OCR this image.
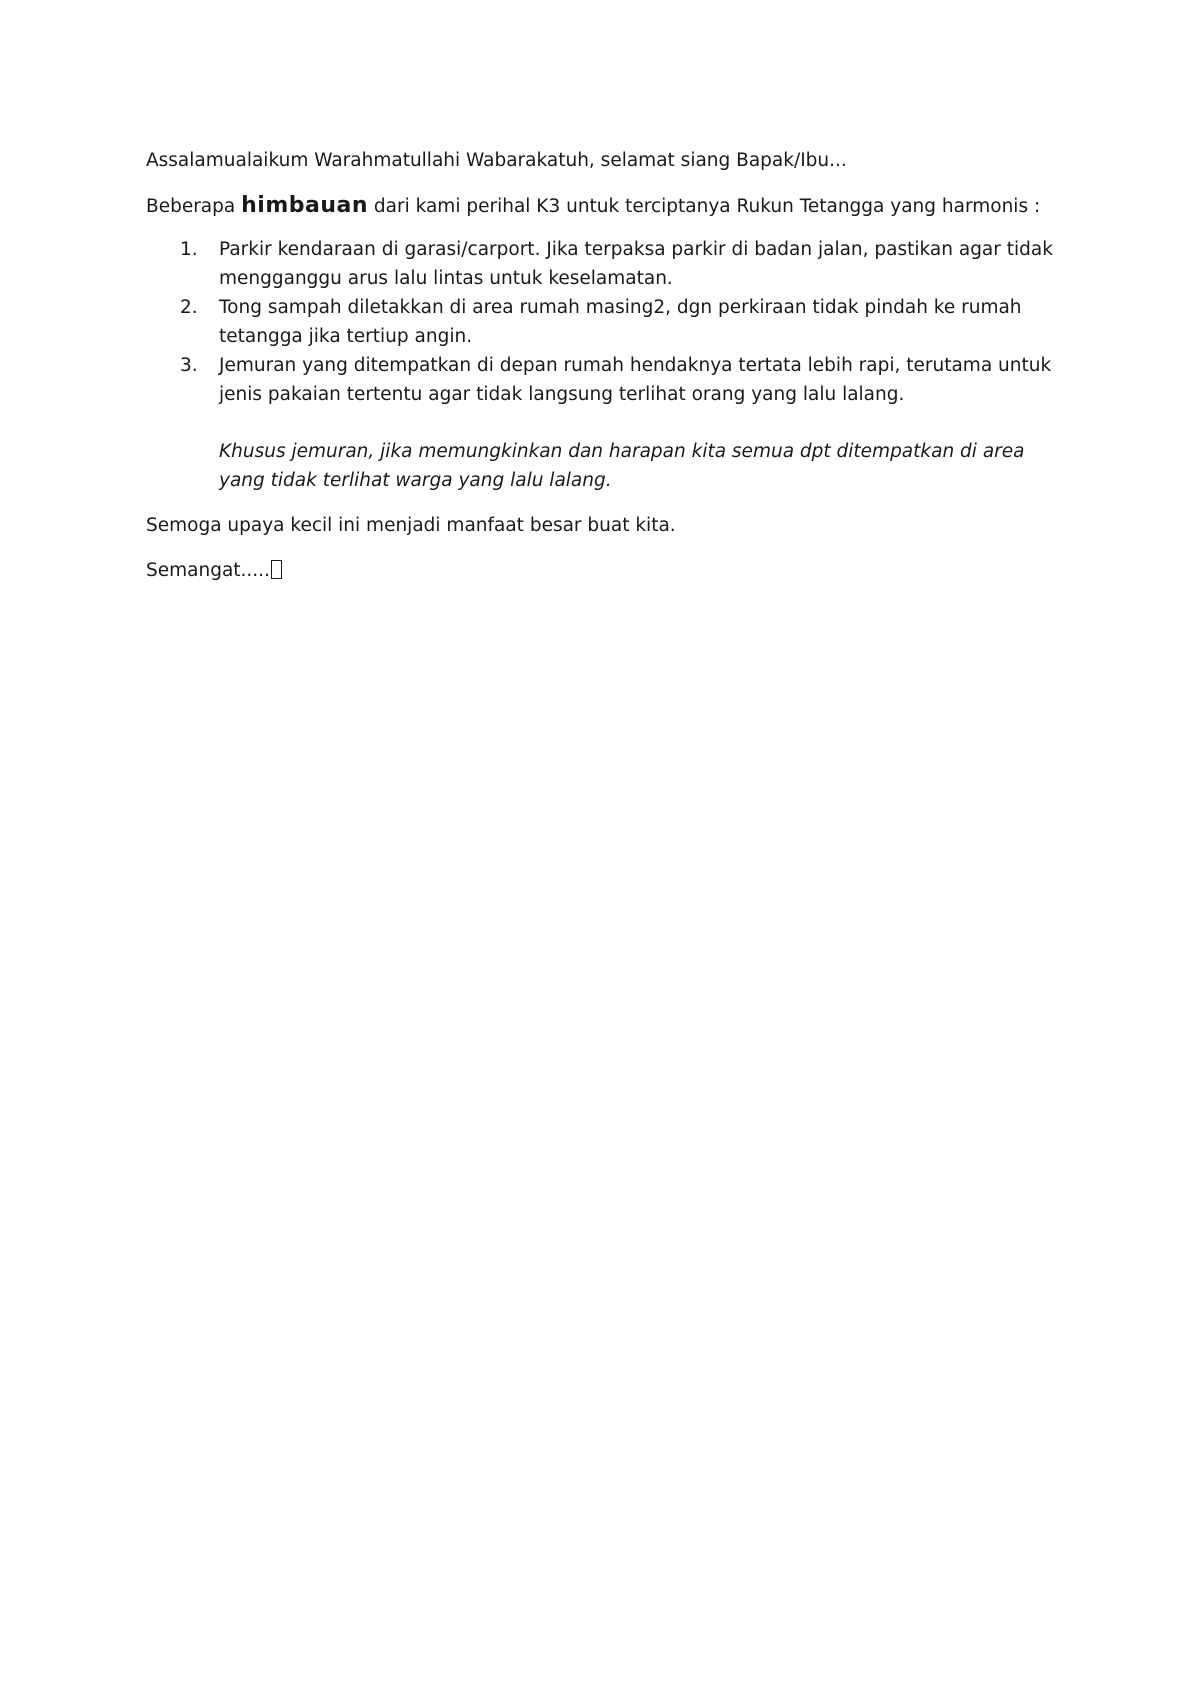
Assalamualaikum Warahmatullahi Wabarakatuh, selamat siang Bapak/Ibu...

Beberapa himbauan dari kami perihal K3 untuk terciptanya Rukun Tetangga yang harmonis :

1. Parkir kendaraan di garasi/carport. Jika terpaksa parkir di badan jalan, pastikan agar tidak mengganggu arus lalu lintas untuk keselamatan.
2. Tong sampah diletakkan di area rumah masing2, dgn perkiraan tidak pindah ke rumah tetangga jika tertiup angin.
3. Jemuran yang ditempatkan di depan rumah hendaknya tertata lebih rapi, terutama untuk jenis pakaian tertentu agar tidak langsung terlihat orang yang lalu lalang.

Khusus jemuran, jika memungkinkan dan harapan kita semua dpt ditempatkan di area yang tidak terlihat warga yang lalu lalang.

Semoga upaya kecil ini menjadi manfaat besar buat kita.

Semangat.....
